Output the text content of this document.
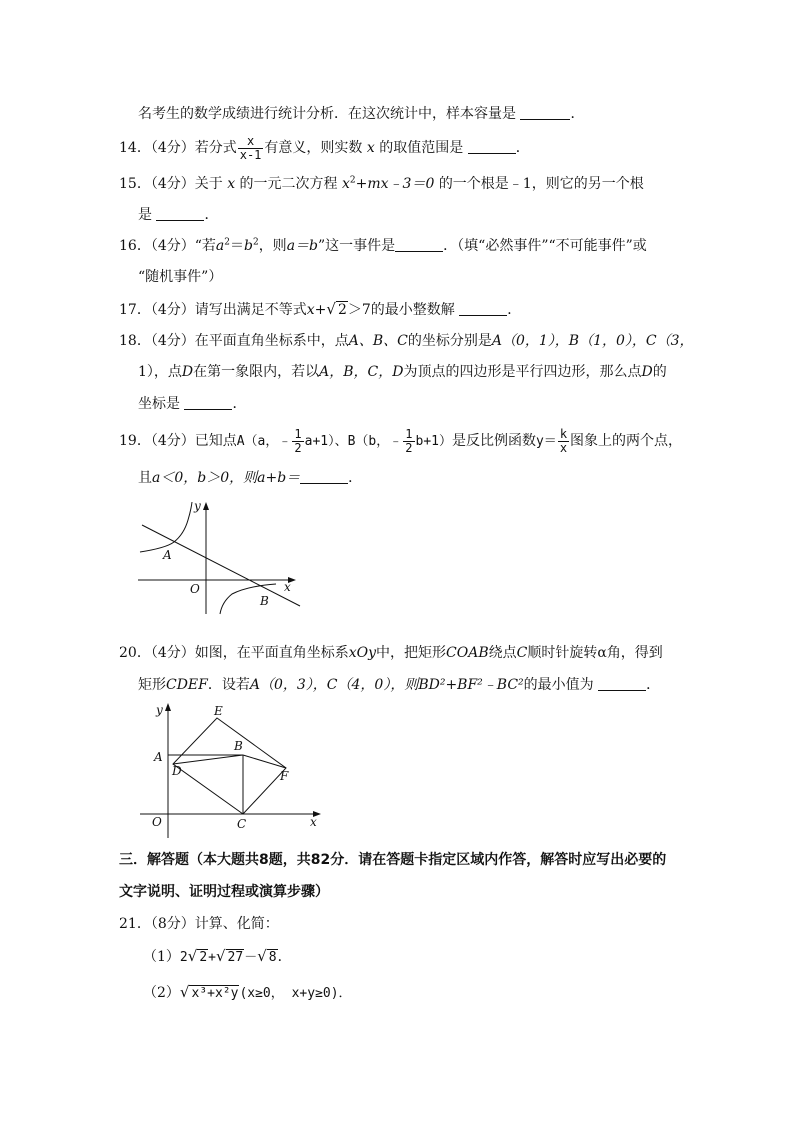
名考生的数学成绩进行统计分析．在这次统计中，样本容量是	．
14．（4分）若分式 $\frac{x}{x-1}$ 有意义，则实数 x 的取值范围是	．
15．（4分）关于 x 的一元二次方程 $x^2+mx﹣3=0$ 的一个根是﹣1，则它的另一个根
是	．
16．（4分）“若$a^2=b^2$，则a＝b”这一事件是	．（填“必然事件”“不可能事件”或
“随机事件”）
17．（4分）请写出满足不等式x+√ 2＞7的最小整数解	．
18．（4分）在平面直角坐标系中，点A、B、C的坐标分别是A（0，1），B（1，0），C（3，
1），点D在第一象限内，若以A，B，C，D为顶点的四边形是平行四边形，那么点D的
坐标是	．
19．（4分）已知点A（a，﹣ $\frac{1}{2} a+1$）、B（b，﹣ $\frac{1}{2} b+1$）是反比例函数$y= \frac{k}{x}$ 图象上的两个点，
且a＜0，b＞0，则a+b＝	．
y
x
O
A
B
20．（4分）如图，在平面直角坐标系xOy中，把矩形COAB绕点C顺时针旋转α角，得到
矩形CDEF．设若A（0，3），C（4，0），则BD²+BF²﹣BC²的最小值为	．
y
x
O
A
B
C
D
E
F
三．解答题（本大题共8题，共82分．请在答题卡指定区域内作答，解答时应写出必要的
文字说明、证明过程或演算步骤）
21．（8分）计算、化简：
（1）2√ 2+√ 27－√ 8．
（2）√ x³+x²y(x≥0， x+y≥0)．
